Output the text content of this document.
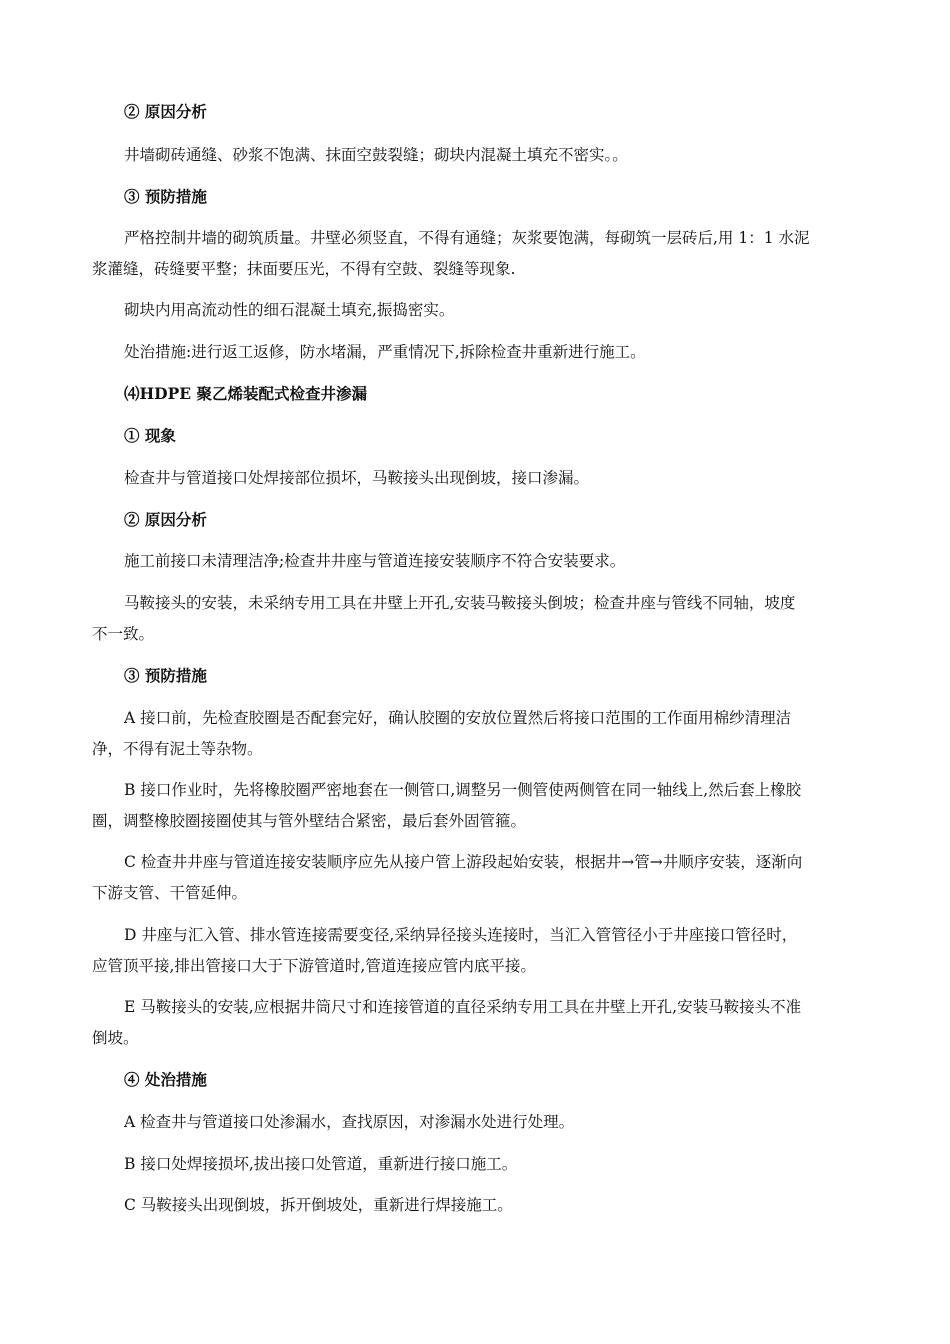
② 原因分析
井墙砌砖通缝、砂浆不饱满、抹面空鼓裂缝；砌块内混凝土填充不密实。。
③ 预防措施
严格控制井墙的砌筑质量。井壁必须竖直，不得有通缝；灰浆要饱满，每砌筑一层砖后,用 1：1 水泥
浆灌缝，砖缝要平整；抹面要压光，不得有空鼓、裂缝等现象.
砌块内用高流动性的细石混凝土填充,振捣密实。
处治措施:进行返工返修，防水堵漏，严重情况下,拆除检查井重新进行施工。
⑷HDPE 聚乙烯装配式检查井渗漏
① 现象
检查井与管道接口处焊接部位损坏，马鞍接头出现倒坡，接口渗漏。
② 原因分析
施工前接口未清理洁净;检查井井座与管道连接安装顺序不符合安装要求。
马鞍接头的安装，未采纳专用工具在井壁上开孔,安装马鞍接头倒坡；检查井座与管线不同轴，坡度
不一致。
③ 预防措施
A 接口前，先检查胶圈是否配套完好，确认胶圈的安放位置然后将接口范围的工作面用棉纱清理洁
净，不得有泥土等杂物。
B 接口作业时，先将橡胶圈严密地套在一侧管口,调整另一侧管使两侧管在同一轴线上,然后套上橡胶
圈，调整橡胶圈接圈使其与管外壁结合紧密，最后套外固管箍。
C 检查井井座与管道连接安装顺序应先从接户管上游段起始安装，根据井→管→井顺序安装，逐渐向
下游支管、干管延伸。
D 井座与汇入管、排水管连接需要变径,采纳异径接头连接时，当汇入管管径小于井座接口管径时，
应管顶平接,排出管接口大于下游管道时,管道连接应管内底平接。
E 马鞍接头的安装,应根据井筒尺寸和连接管道的直径采纳专用工具在井壁上开孔,安装马鞍接头不准
倒坡。
④ 处治措施
A 检查井与管道接口处渗漏水，查找原因，对渗漏水处进行处理。
B 接口处焊接损坏,拔出接口处管道，重新进行接口施工。
C 马鞍接头出现倒坡，拆开倒坡处，重新进行焊接施工。
